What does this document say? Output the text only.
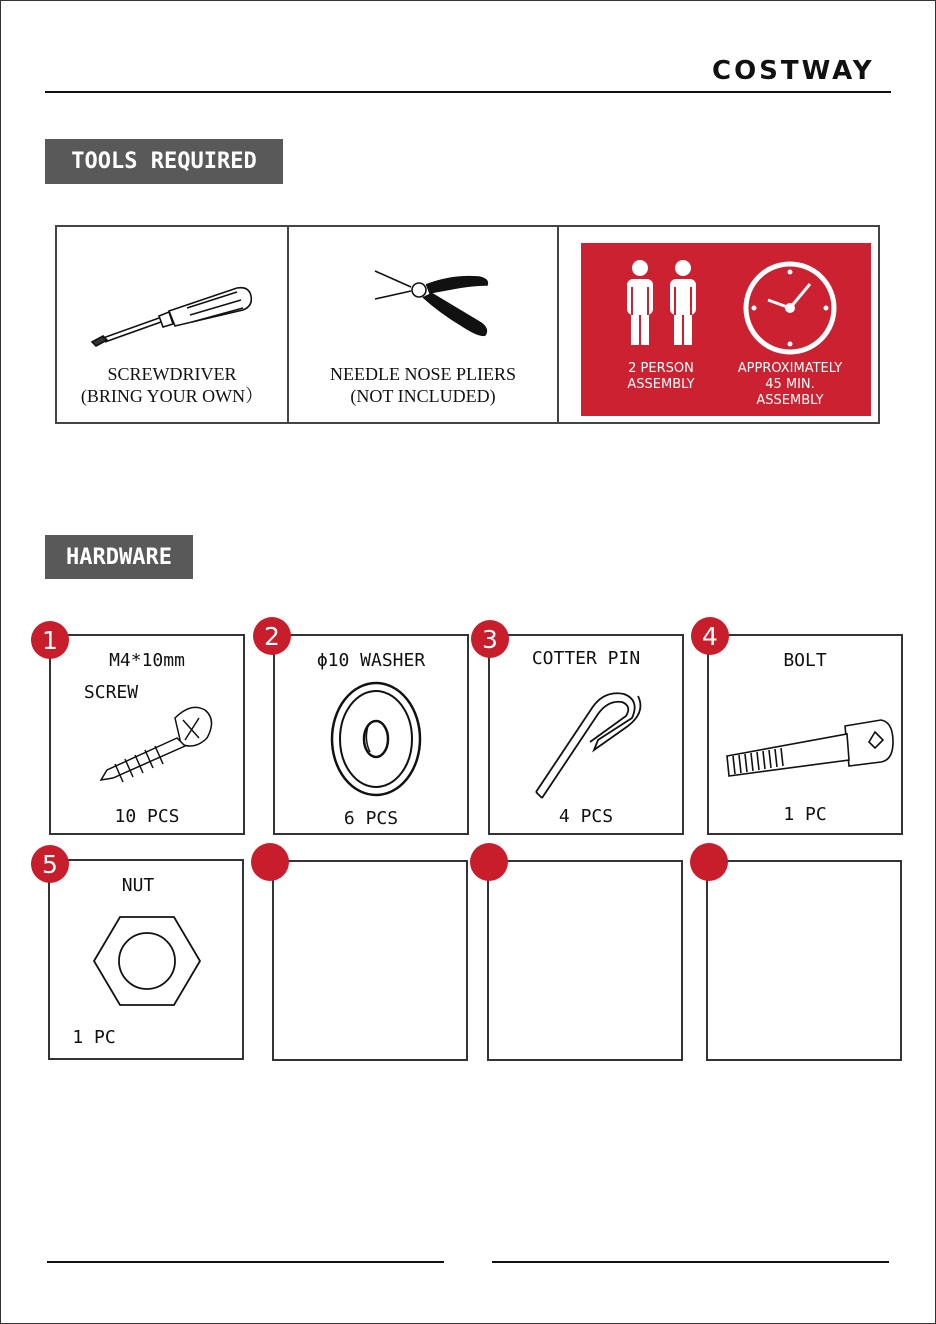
COSTWAY
TOOLS REQUIRED
SCREWDRIVER
(BRING YOUR OWN）
NEEDLE NOSE PLIERS
(NOT INCLUDED)
2 PERSON
ASSEMBLY
APPROXIMATELY
45 MIN.
ASSEMBLY
HARDWARE
M4*10mm
SCREW
10 PCS
1
ϕ10 WASHER
6 PCS
2
COTTER PIN
4 PCS
3
BOLT
1 PC
4
NUT
1 PC
5
